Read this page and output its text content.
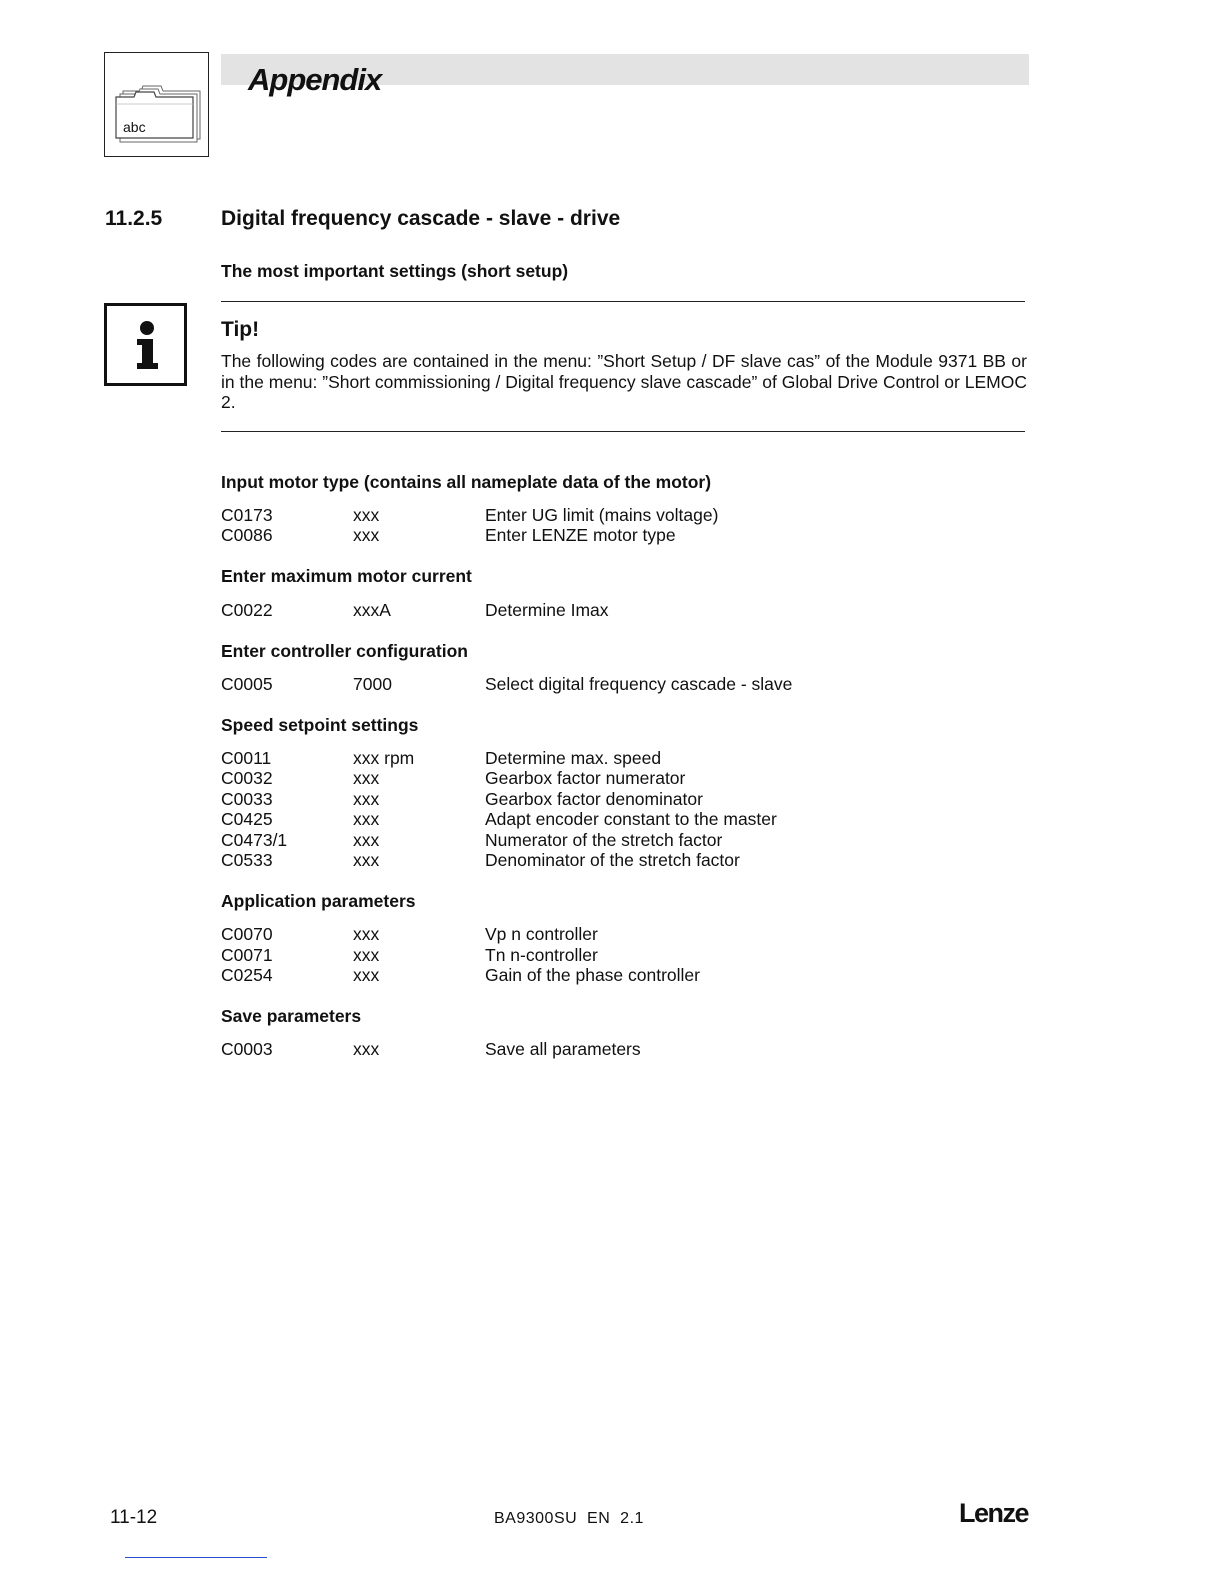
abc
Appendix
11.2.5	Digital frequency cascade - slave - drive
The most important settings (short setup)
Tip!
The following codes are contained in the menu: ”Short Setup / DF slave cas” of the Module 9371 BB or in the menu: ”Short commissioning / Digital frequency slave cascade” of Global Drive Control or LEMOC 2.
Input motor type (contains all nameplate data of the motor)
C0173	xxx	Enter UG limit (mains voltage)
C0086	xxx	Enter LENZE motor type
Enter maximum motor current
C0022	xxxA	Determine Imax
Enter controller configuration
C0005	7000	Select digital frequency cascade - slave
Speed setpoint settings
C0011	xxx rpm	Determine max. speed
C0032	xxx	Gearbox factor numerator
C0033	xxx	Gearbox factor denominator
C0425	xxx	Adapt encoder constant to the master
C0473/1	xxx	Numerator of the stretch factor
C0533	xxx	Denominator of the stretch factor
Application parameters
C0070	xxx	Vp n controller
C0071	xxx	Tn n-controller
C0254	xxx	Gain of the phase controller
Save parameters
C0003	xxx	Save all parameters
11-12	BA9300SU  EN  2.1	Lenze
